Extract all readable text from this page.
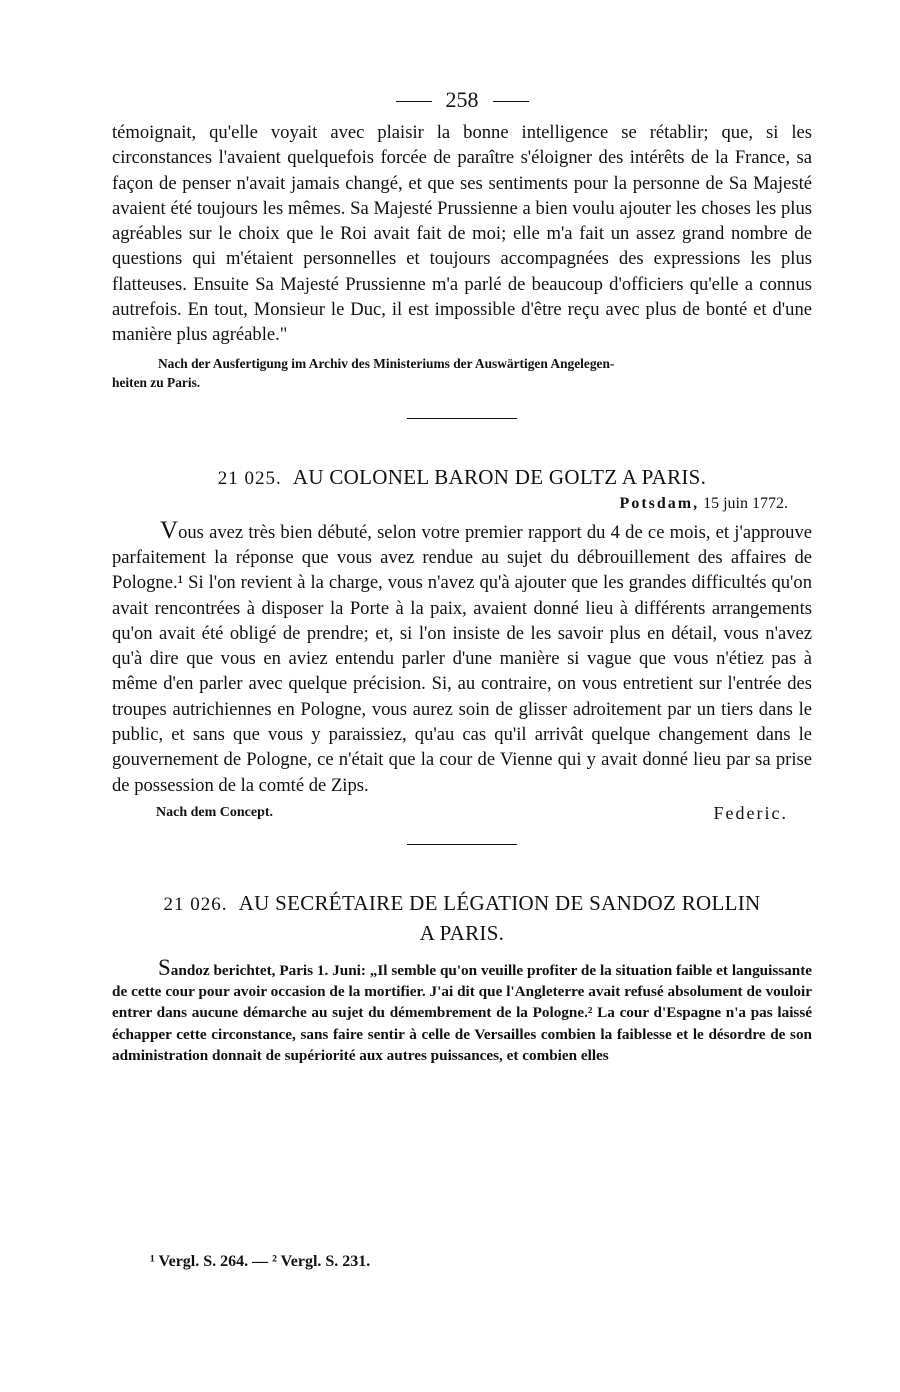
258

témoignait, qu'elle voyait avec plaisir la bonne intelligence se rétablir; que, si les circonstances l'avaient quelquefois forcée de paraître s'éloigner des intérêts de la France, sa façon de penser n'avait jamais changé, et que ses sentiments pour la personne de Sa Majesté avaient été toujours les mêmes. Sa Majesté Prussienne a bien voulu ajouter les choses les plus agréables sur le choix que le Roi avait fait de moi; elle m'a fait un assez grand nombre de questions qui m'étaient personnelles et toujours accompagnées des expressions les plus flatteuses. Ensuite Sa Majesté Prussienne m'a parlé de beaucoup d'officiers qu'elle a connus autrefois. En tout, Monsieur le Duc, il est impossible d'être reçu avec plus de bonté et d'une manière plus agréable."

Nach der Ausfertigung im Archiv des Ministeriums der Auswärtigen Angelegen-
heiten zu Paris.
21 025. AU COLONEL BARON DE GOLTZ A PARIS.
Potsdam, 15 juin 1772.

Vous avez très bien débuté, selon votre premier rapport du 4 de ce mois, et j'approuve parfaitement la réponse que vous avez rendue au sujet du débrouillement des affaires de Pologne.¹ Si l'on revient à la charge, vous n'avez qu'à ajouter que les grandes difficultés qu'on avait rencontrées à disposer la Porte à la paix, avaient donné lieu à différents arrangements qu'on avait été obligé de prendre; et, si l'on insiste de les savoir plus en détail, vous n'avez qu'à dire que vous en aviez entendu parler d'une manière si vague que vous n'étiez pas à même d'en parler avec quelque précision. Si, au contraire, on vous entretient sur l'entrée des troupes autrichiennes en Pologne, vous aurez soin de glisser adroitement par un tiers dans le public, et sans que vous y paraissiez, qu'au cas qu'il arrivât quelque changement dans le gouvernement de Pologne, ce n'était que la cour de Vienne qui y avait donné lieu par sa prise de possession de la comté de Zips.

Nach dem Concept.	Federic.
21 026. AU SECRÉTAIRE DE LÉGATION DE SANDOZ ROLLIN
A PARIS.

Sandoz berichtet, Paris 1. Juni: „Il semble qu'on veuille profiter de la situation faible et languissante de cette cour pour avoir occasion de la mortifier. J'ai dit que l'Angleterre avait refusé absolument de vouloir entrer dans aucune démarche au sujet du démembrement de la Pologne.² La cour d'Espagne n'a pas laissé échapper cette circonstance, sans faire sentir à celle de Versailles combien la faiblesse et le désordre de son administration donnait de supériorité aux autres puissances, et combien elles

¹ Vergl. S. 264. — ² Vergl. S. 231.
